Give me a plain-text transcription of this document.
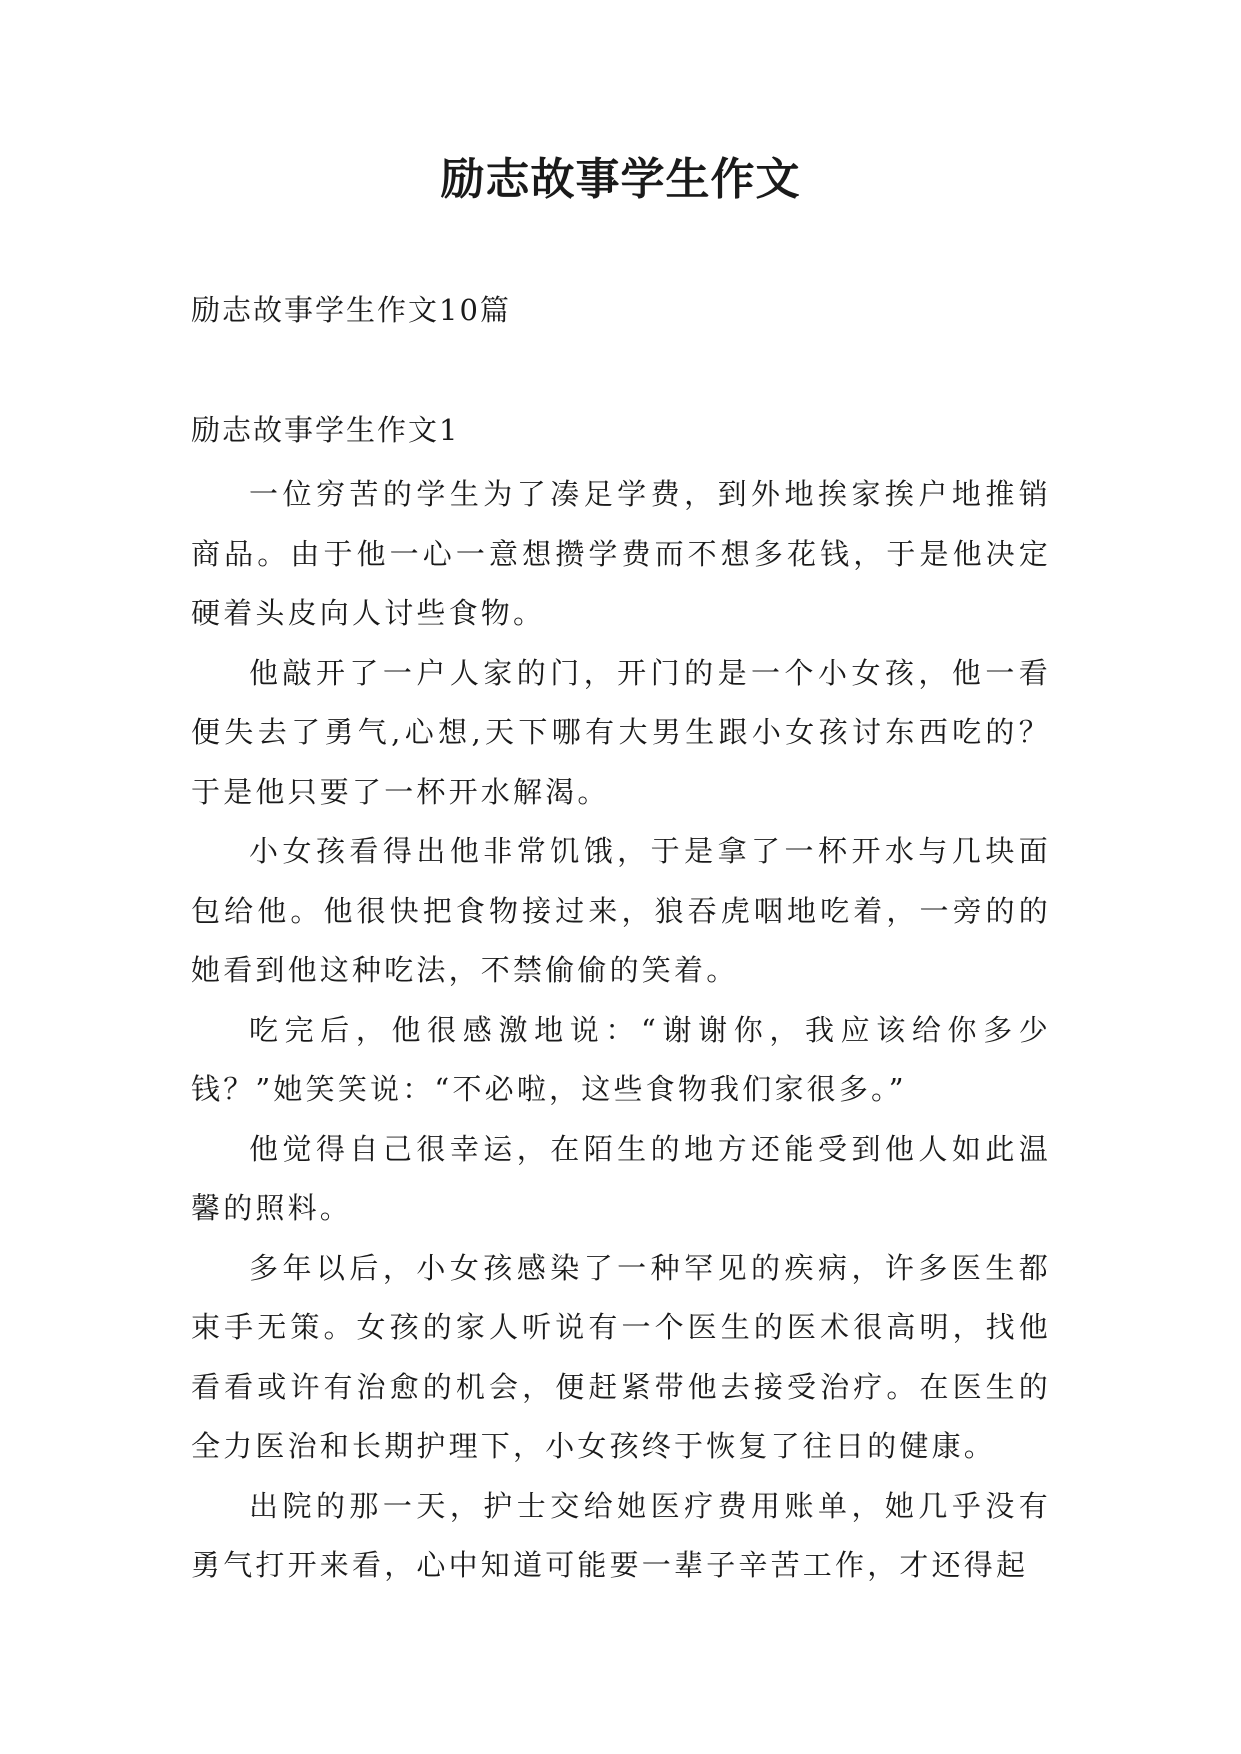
励志故事学生作文
励志故事学生作文10篇
励志故事学生作文1

一位穷苦的学生为了凑足学费，到外地挨家挨户地推销商品。由于他一心一意想攒学费而不想多花钱，于是他决定硬着头皮向人讨些食物。

他敲开了一户人家的门，开门的是一个小女孩，他一看便失去了勇气,心想,天下哪有大男生跟小女孩讨东西吃的？于是他只要了一杯开水解渴。

小女孩看得出他非常饥饿，于是拿了一杯开水与几块面包给他。他很快把食物接过来，狼吞虎咽地吃着，一旁的的她看到他这种吃法，不禁偷偷的笑着。

吃完后，他很感激地说：“谢谢你，我应该给你多少钱？”她笑笑说：“不必啦，这些食物我们家很多。”

他觉得自己很幸运，在陌生的地方还能受到他人如此温馨的照料。

多年以后，小女孩感染了一种罕见的疾病，许多医生都束手无策。女孩的家人听说有一个医生的医术很高明，找他看看或许有治愈的机会，便赶紧带他去接受治疗。在医生的全力医治和长期护理下，小女孩终于恢复了往日的健康。

出院的那一天，护士交给她医疗费用账单，她几乎没有勇气打开来看，心中知道可能要一辈子辛苦工作，才还得起
